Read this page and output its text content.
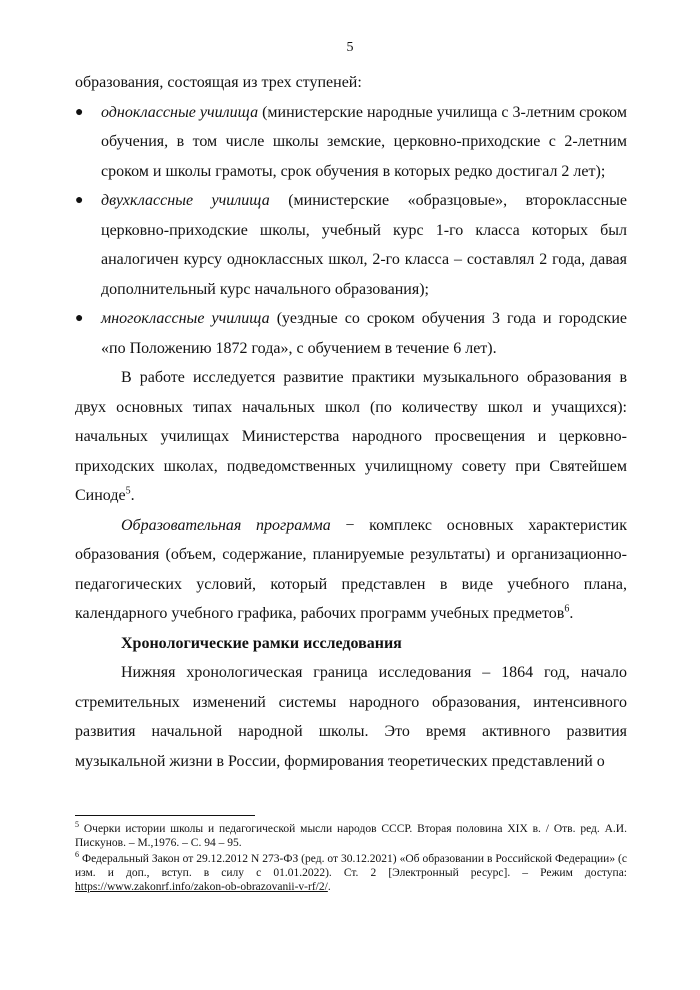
5

образования, состоящая из трех ступеней:

● одноклассные училища (министерские народные училища с 3-летним сроком обучения, в том числе школы земские, церковно-приходские с 2-летним сроком и школы грамоты, срок обучения в которых редко достигал 2 лет);
● двухклассные училища (министерские «образцовые», второклассные церковно-приходские школы, учебный курс 1-го класса которых был аналогичен курсу одноклассных школ, 2-го класса – составлял 2 года, давая дополнительный курс начального образования);
● многоклассные училища (уездные со сроком обучения 3 года и городские «по Положению 1872 года», с обучением в течение 6 лет).

В работе исследуется развитие практики музыкального образования в двух основных типах начальных школ (по количеству школ и учащихся): начальных училищах Министерства народного просвещения и церковно-приходских школах, подведомственных училищному совету при Святейшем Синоде$^5$.

Образовательная программа − комплекс основных характеристик образования (объем, содержание, планируемые результаты) и организационно-педагогических условий, который представлен в виде учебного плана, календарного учебного графика, рабочих программ учебных предметов$^6$.

Хронологические рамки исследования

Нижняя хронологическая граница исследования – 1864 год, начало стремительных изменений системы народного образования, интенсивного развития начальной народной школы. Это время активного развития музыкальной жизни в России, формирования теоретических представлений о

$^5$ Очерки истории школы и педагогической мысли народов СССР. Вторая половина XIX в. / Отв. ред. А.И. Пискунов. – М.,1976. – С. 94 – 95.

$^6$ Федеральный Закон от 29.12.2012 N 273-ФЗ (ред. от 30.12.2021) «Об образовании в Российской Федерации» (с изм. и доп., вступ. в силу с 01.01.2022). Ст. 2 [Электронный ресурс]. – Режим доступа: https://www.zakonrf.info/zakon-ob-obrazovanii-v-rf/2/.
